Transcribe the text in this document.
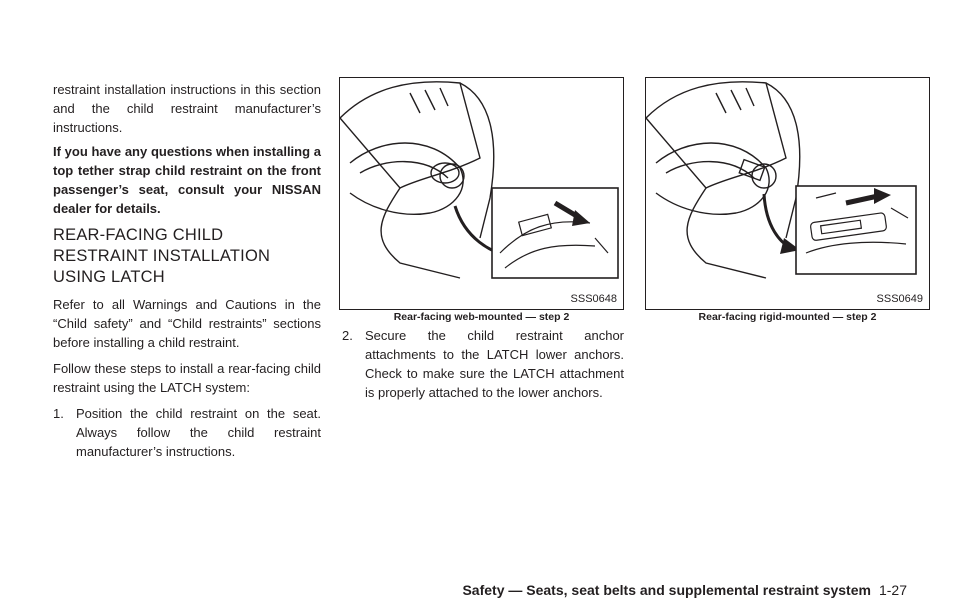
restraint installation instructions in this section and the child restraint manufacturer’s instructions.

If you have any questions when installing a top tether strap child restraint on the front passenger’s seat, consult your NISSAN dealer for details.

REAR-FACING CHILD RESTRAINT INSTALLATION USING LATCH

Refer to all Warnings and Cautions in the “Child safety” and “Child restraints” sections before installing a child restraint.

Follow these steps to install a rear-facing child restraint using the LATCH system:

1. Position the child restraint on the seat. Always follow the child restraint manufacturer’s instructions.

SSS0648
Rear-facing web-mounted — step 2
SSS0649
Rear-facing rigid-mounted — step 2

2. Secure the child restraint anchor attachments to the LATCH lower anchors. Check to make sure the LATCH attachment is properly attached to the lower anchors.

Safety — Seats, seat belts and supplemental restraint system 1-27
